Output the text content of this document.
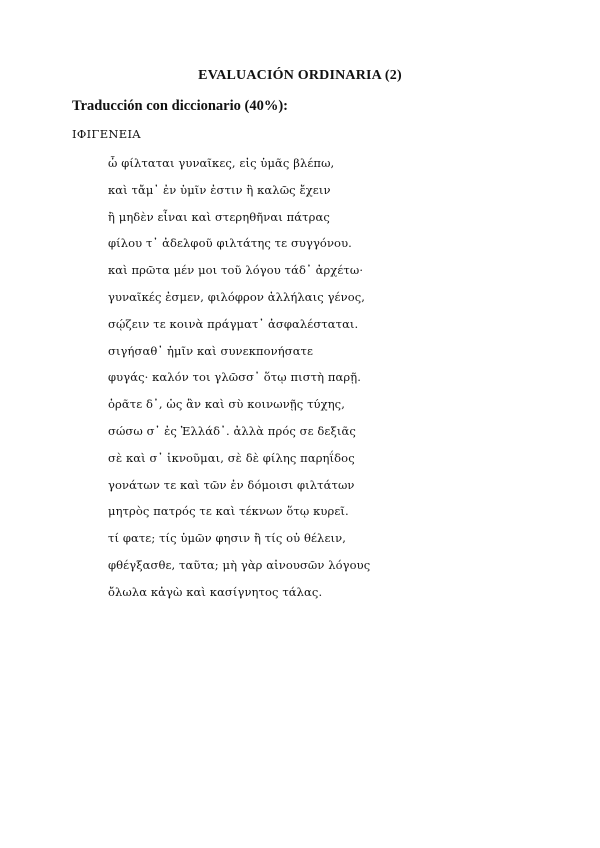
EVALUACIÓN ORDINARIA (2)
Traducción con diccionario (40%):

ΙΦΙΓΕΝΕΙΑ

ὦ φίλταται γυναῖκες, εἰς ὑμᾶς βλέπω,
καὶ τἄμ᾽ ἐν ὑμῖν ἐστιν ἢ καλῶς ἔχειν
ἢ μηδὲν εἶναι καὶ στερηθῆναι πάτρας
φίλου τ᾽ ἀδελφοῦ φιλτάτης τε συγγόνου.
καὶ πρῶτα μέν μοι τοῦ λόγου τάδ᾽ ἀρχέτω·
γυναῖκές ἐσμεν, φιλόφρον ἀλλήλαις γένος,
σῴζειν τε κοινὰ πράγματ᾽ ἀσφαλέσταται.
σιγήσαθ᾽ ἡμῖν καὶ συνεκπονήσατε
φυγάς· καλόν τοι γλῶσσ᾽ ὅτῳ πιστὴ παρῇ.
ὁρᾶτε δ᾽, ὡς ἂν καὶ σὺ κοινωνῇς τύχης,
σώσω σ᾽ ἐς Ἑλλάδ᾽. ἀλλὰ πρός σε δεξιᾶς
σὲ καὶ σ᾽ ἱκνοῦμαι, σὲ δὲ φίλης παρηΐδος
γονάτων τε καὶ τῶν ἐν δόμοισι φιλτάτων
μητρὸς πατρός τε καὶ τέκνων ὅτῳ κυρεῖ.
τί φατε; τίς ὑμῶν φησιν ἢ τίς οὐ θέλειν,
φθέγξασθε, ταῦτα; μὴ γὰρ αἰνουσῶν λόγους
ὄλωλα κἀγὼ καὶ κασίγνητος τάλας.
